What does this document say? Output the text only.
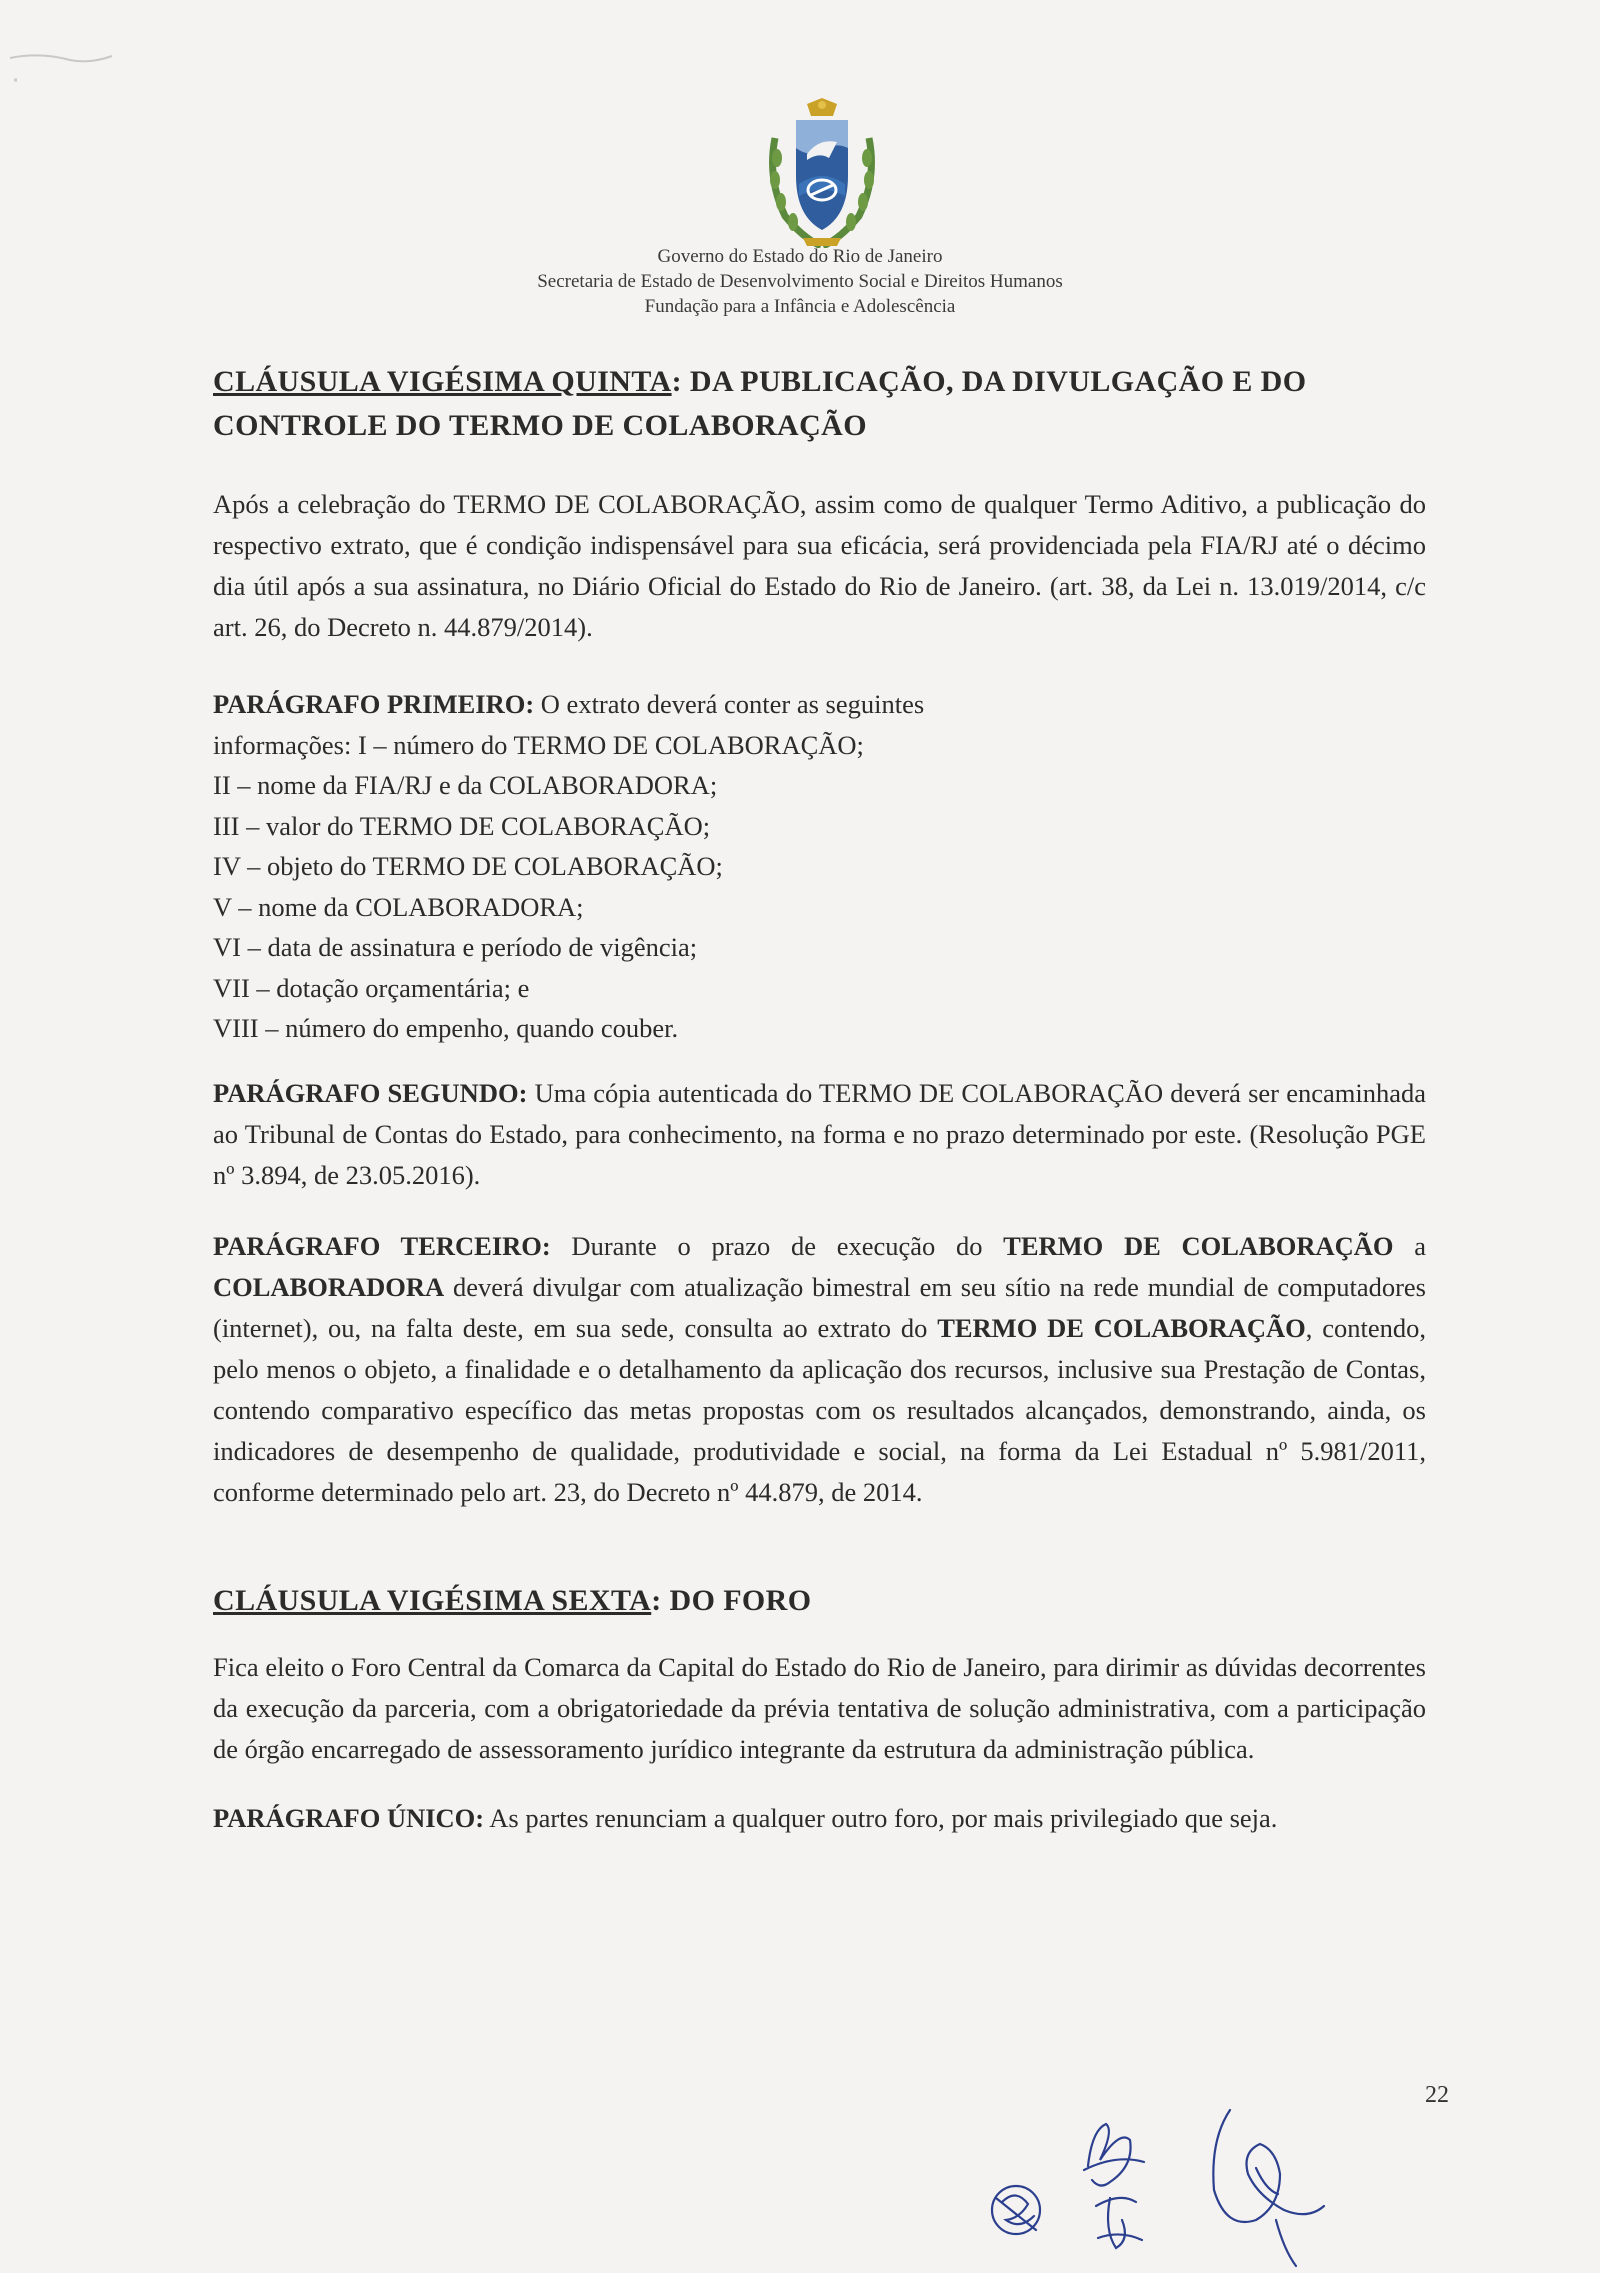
Governo do Estado do Rio de Janeiro
Secretaria de Estado de Desenvolvimento Social e Direitos Humanos
Fundação para a Infância e Adolescência
CLÁUSULA VIGÉSIMA QUINTA: DA PUBLICAÇÃO, DA DIVULGAÇÃO E DO
CONTROLE DO TERMO DE COLABORAÇÃO

Após a celebração do TERMO DE COLABORAÇÃO, assim como de qualquer Termo Aditivo, a publicação do respectivo extrato, que é condição indispensável para sua eficácia, será providenciada pela FIA/RJ até o décimo dia útil após a sua assinatura, no Diário Oficial do Estado do Rio de Janeiro. (art. 38, da Lei n. 13.019/2014, c/c art. 26, do Decreto n. 44.879/2014).

PARÁGRAFO PRIMEIRO: O extrato deverá conter as seguintes
informações: I – número do TERMO DE COLABORAÇÃO;
II – nome da FIA/RJ e da COLABORADORA;
III – valor do TERMO DE COLABORAÇÃO;
IV – objeto do TERMO DE COLABORAÇÃO;
V – nome da COLABORADORA;
VI – data de assinatura e período de vigência;
VII – dotação orçamentária; e
VIII – número do empenho, quando couber.

PARÁGRAFO SEGUNDO: Uma cópia autenticada do TERMO DE COLABORAÇÃO deverá ser encaminhada ao Tribunal de Contas do Estado, para conhecimento, na forma e no prazo determinado por este. (Resolução PGE nº 3.894, de 23.05.2016).

PARÁGRAFO TERCEIRO: Durante o prazo de execução do TERMO DE COLABORAÇÃO a COLABORADORA deverá divulgar com atualização bimestral em seu sítio na rede mundial de computadores (internet), ou, na falta deste, em sua sede, consulta ao extrato do TERMO DE COLABORAÇÃO, contendo, pelo menos o objeto, a finalidade e o detalhamento da aplicação dos recursos, inclusive sua Prestação de Contas, contendo comparativo específico das metas propostas com os resultados alcançados, demonstrando, ainda, os indicadores de desempenho de qualidade, produtividade e social, na forma da Lei Estadual nº 5.981/2011, conforme determinado pelo art. 23, do Decreto nº 44.879, de 2014.

CLÁUSULA VIGÉSIMA SEXTA: DO FORO

Fica eleito o Foro Central da Comarca da Capital do Estado do Rio de Janeiro, para dirimir as dúvidas decorrentes da execução da parceria, com a obrigatoriedade da prévia tentativa de solução administrativa, com a participação de órgão encarregado de assessoramento jurídico integrante da estrutura da administração pública.

PARÁGRAFO ÚNICO: As partes renunciam a qualquer outro foro, por mais privilegiado que seja.

22
